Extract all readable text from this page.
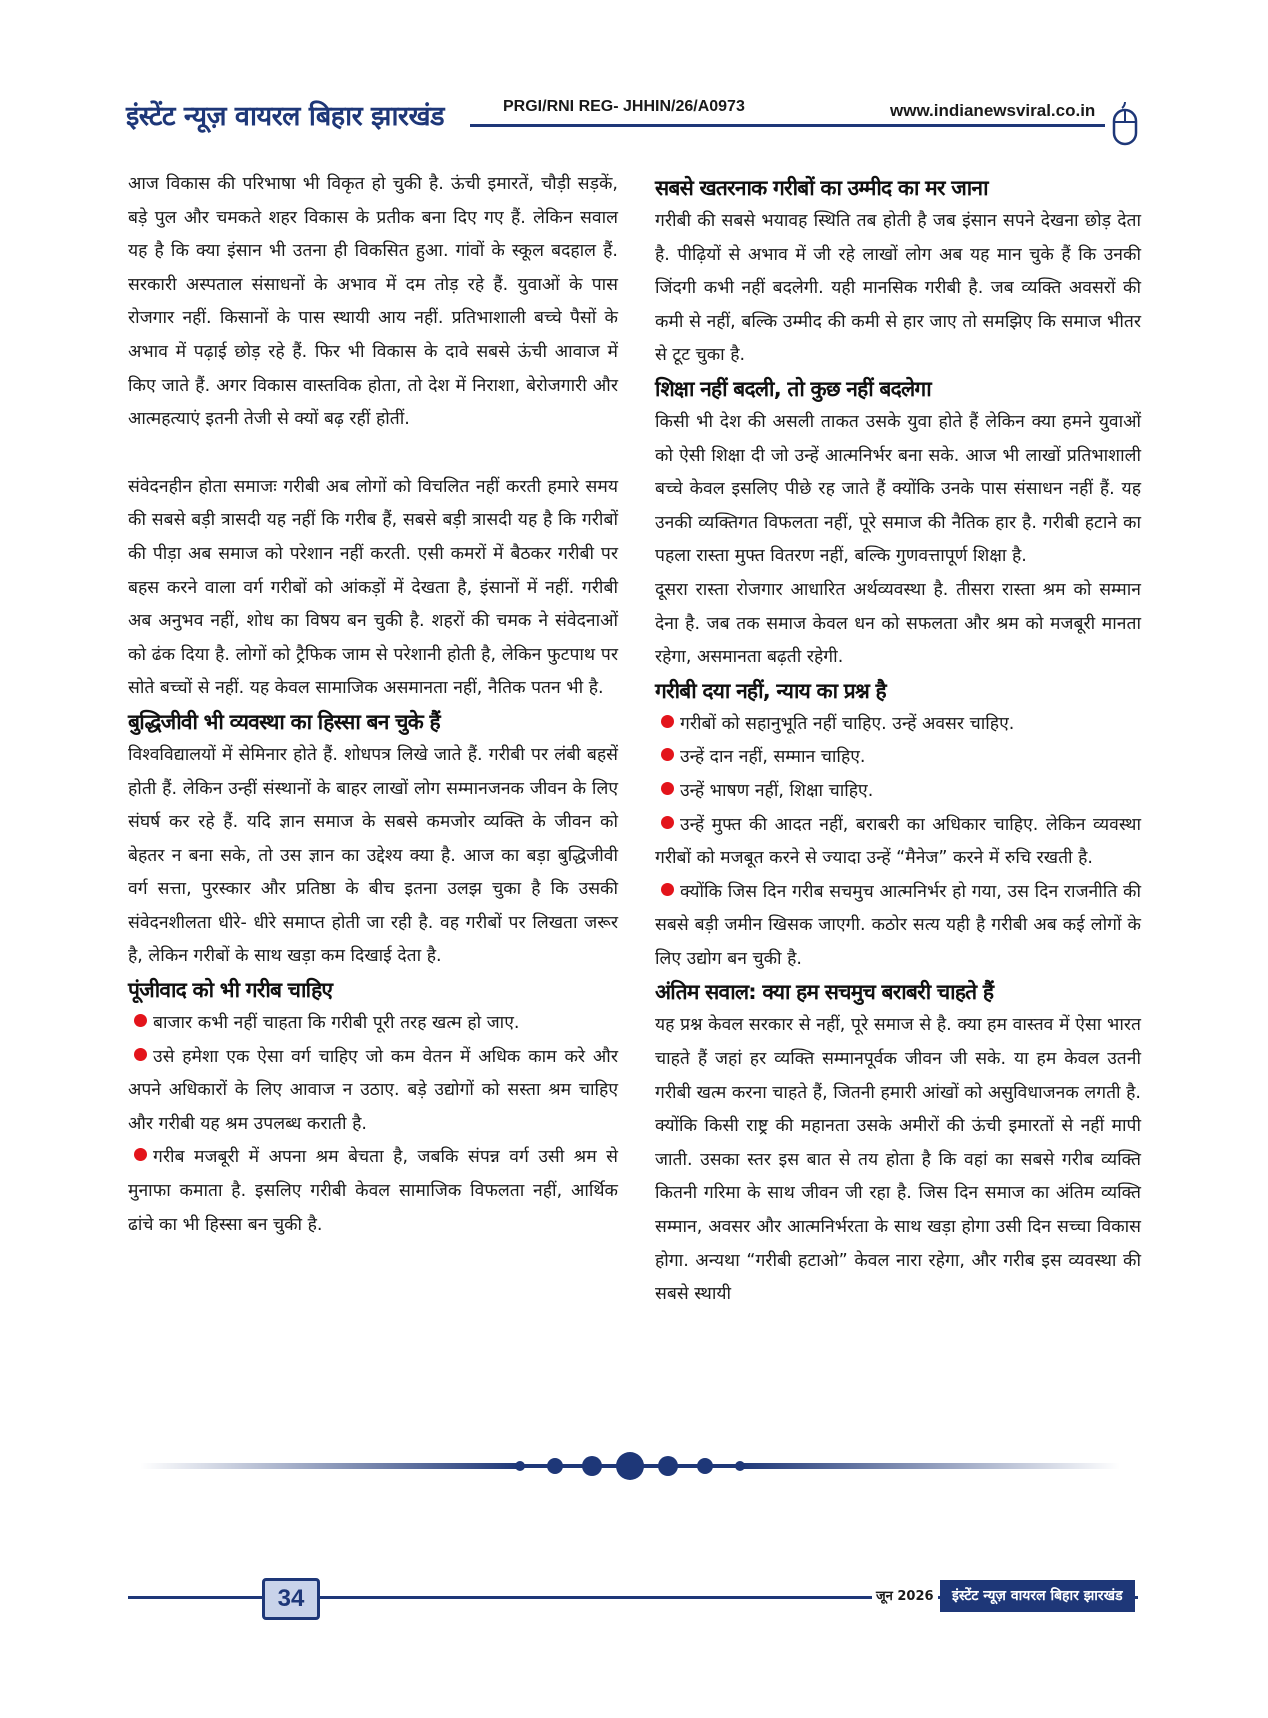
इंस्टेंट न्यूज़ वायरल बिहार झारखंड	PRGI/RNI REG- JHHIN/26/A0973	www.indianewsviral.co.in

आज विकास की परिभाषा भी विकृत हो चुकी है. ऊंची इमारतें, चौड़ी सड़कें, बड़े पुल और चमकते शहर विकास के प्रतीक बना दिए गए हैं. लेकिन सवाल यह है कि क्या इंसान भी उतना ही विकसित हुआ. गांवों के स्कूल बदहाल हैं. सरकारी अस्पताल संसाधनों के अभाव में दम तोड़ रहे हैं. युवाओं के पास रोजगार नहीं. किसानों के पास स्थायी आय नहीं. प्रतिभाशाली बच्चे पैसों के अभाव में पढ़ाई छोड़ रहे हैं. फिर भी विकास के दावे सबसे ऊंची आवाज में किए जाते हैं. अगर विकास वास्तविक होता, तो देश में निराशा, बेरोजगारी और आत्महत्याएं इतनी तेजी से क्यों बढ़ रहीं होतीं.

संवेदनहीन होता समाजः गरीबी अब लोगों को विचलित नहीं करती हमारे समय की सबसे बड़ी त्रासदी यह नहीं कि गरीब हैं, सबसे बड़ी त्रासदी यह है कि गरीबों की पीड़ा अब समाज को परेशान नहीं करती. एसी कमरों में बैठकर गरीबी पर बहस करने वाला वर्ग गरीबों को आंकड़ों में देखता है, इंसानों में नहीं. गरीबी अब अनुभव नहीं, शोध का विषय बन चुकी है. शहरों की चमक ने संवेदनाओं को ढंक दिया है. लोगों को ट्रैफिक जाम से परेशानी होती है, लेकिन फुटपाथ पर सोते बच्चों से नहीं. यह केवल सामाजिक असमानता नहीं, नैतिक पतन भी है.

बुद्धिजीवी भी व्यवस्था का हिस्सा बन चुके हैं

विश्वविद्यालयों में सेमिनार होते हैं. शोधपत्र लिखे जाते हैं. गरीबी पर लंबी बहसें होती हैं. लेकिन उन्हीं संस्थानों के बाहर लाखों लोग सम्मानजनक जीवन के लिए संघर्ष कर रहे हैं. यदि ज्ञान समाज के सबसे कमजोर व्यक्ति के जीवन को बेहतर न बना सके, तो उस ज्ञान का उद्देश्य क्या है. आज का बड़ा बुद्धिजीवी वर्ग सत्ता, पुरस्कार और प्रतिष्ठा के बीच इतना उलझ चुका है कि उसकी संवेदनशीलता धीरे- धीरे समाप्त होती जा रही है. वह गरीबों पर लिखता जरूर है, लेकिन गरीबों के साथ खड़ा कम दिखाई देता है.

पूंजीवाद को भी गरीब चाहिए
बाजार कभी नहीं चाहता कि गरीबी पूरी तरह खत्म हो जाए.
उसे हमेशा एक ऐसा वर्ग चाहिए जो कम वेतन में अधिक काम करे और अपने अधिकारों के लिए आवाज न उठाए. बड़े उद्योगों को सस्ता श्रम चाहिए और गरीबी यह श्रम उपलब्ध कराती है.
गरीब मजबूरी में अपना श्रम बेचता है, जबकि संपन्न वर्ग उसी श्रम से मुनाफा कमाता है. इसलिए गरीबी केवल सामाजिक विफलता नहीं, आर्थिक ढांचे का भी हिस्सा बन चुकी है.
सबसे खतरनाक गरीबों का उम्मीद का मर जाना

गरीबी की सबसे भयावह स्थिति तब होती है जब इंसान सपने देखना छोड़ देता है. पीढ़ियों से अभाव में जी रहे लाखों लोग अब यह मान चुके हैं कि उनकी जिंदगी कभी नहीं बदलेगी. यही मानसिक गरीबी है. जब व्यक्ति अवसरों की कमी से नहीं, बल्कि उम्मीद की कमी से हार जाए तो समझिए कि समाज भीतर से टूट चुका है.

शिक्षा नहीं बदली, तो कुछ नहीं बदलेगा

किसी भी देश की असली ताकत उसके युवा होते हैं लेकिन क्या हमने युवाओं को ऐसी शिक्षा दी जो उन्हें आत्मनिर्भर बना सके. आज भी लाखों प्रतिभाशाली बच्चे केवल इसलिए पीछे रह जाते हैं क्योंकि उनके पास संसाधन नहीं हैं. यह उनकी व्यक्तिगत विफलता नहीं, पूरे समाज की नैतिक हार है. गरीबी हटाने का पहला रास्ता मुफ्त वितरण नहीं, बल्कि गुणवत्तापूर्ण शिक्षा है.

दूसरा रास्ता रोजगार आधारित अर्थव्यवस्था है. तीसरा रास्ता श्रम को सम्मान देना है. जब तक समाज केवल धन को सफलता और श्रम को मजबूरी मानता रहेगा, असमानता बढ़ती रहेगी.

गरीबी दया नहीं, न्याय का प्रश्न है
गरीबों को सहानुभूति नहीं चाहिए. उन्हें अवसर चाहिए.
उन्हें दान नहीं, सम्मान चाहिए.
उन्हें भाषण नहीं, शिक्षा चाहिए.
उन्हें मुफ्त की आदत नहीं, बराबरी का अधिकार चाहिए. लेकिन व्यवस्था गरीबों को मजबूत करने से ज्यादा उन्हें “मैनेज” करने में रुचि रखती है.
क्योंकि जिस दिन गरीब सचमुच आत्मनिर्भर हो गया, उस दिन राजनीति की सबसे बड़ी जमीन खिसक जाएगी. कठोर सत्य यही है गरीबी अब कई लोगों के लिए उद्योग बन चुकी है.
अंतिम सवाल: क्या हम सचमुच बराबरी चाहते हैं

यह प्रश्न केवल सरकार से नहीं, पूरे समाज से है. क्या हम वास्तव में ऐसा भारत चाहते हैं जहां हर व्यक्ति सम्मानपूर्वक जीवन जी सके. या हम केवल उतनी गरीबी खत्म करना चाहते हैं, जितनी हमारी आंखों को असुविधाजनक लगती है. क्योंकि किसी राष्ट्र की महानता उसके अमीरों की ऊंची इमारतों से नहीं मापी जाती. उसका स्तर इस बात से तय होता है कि वहां का सबसे गरीब व्यक्ति कितनी गरिमा के साथ जीवन जी रहा है. जिस दिन समाज का अंतिम व्यक्ति सम्मान, अवसर और आत्मनिर्भरता के साथ खड़ा होगा उसी दिन सच्चा विकास होगा. अन्यथा “गरीबी हटाओ” केवल नारा रहेगा, और गरीब इस व्यवस्था की सबसे स्थायी

34	जून 2026	इंस्टेंट न्यूज़ वायरल बिहार झारखंड
